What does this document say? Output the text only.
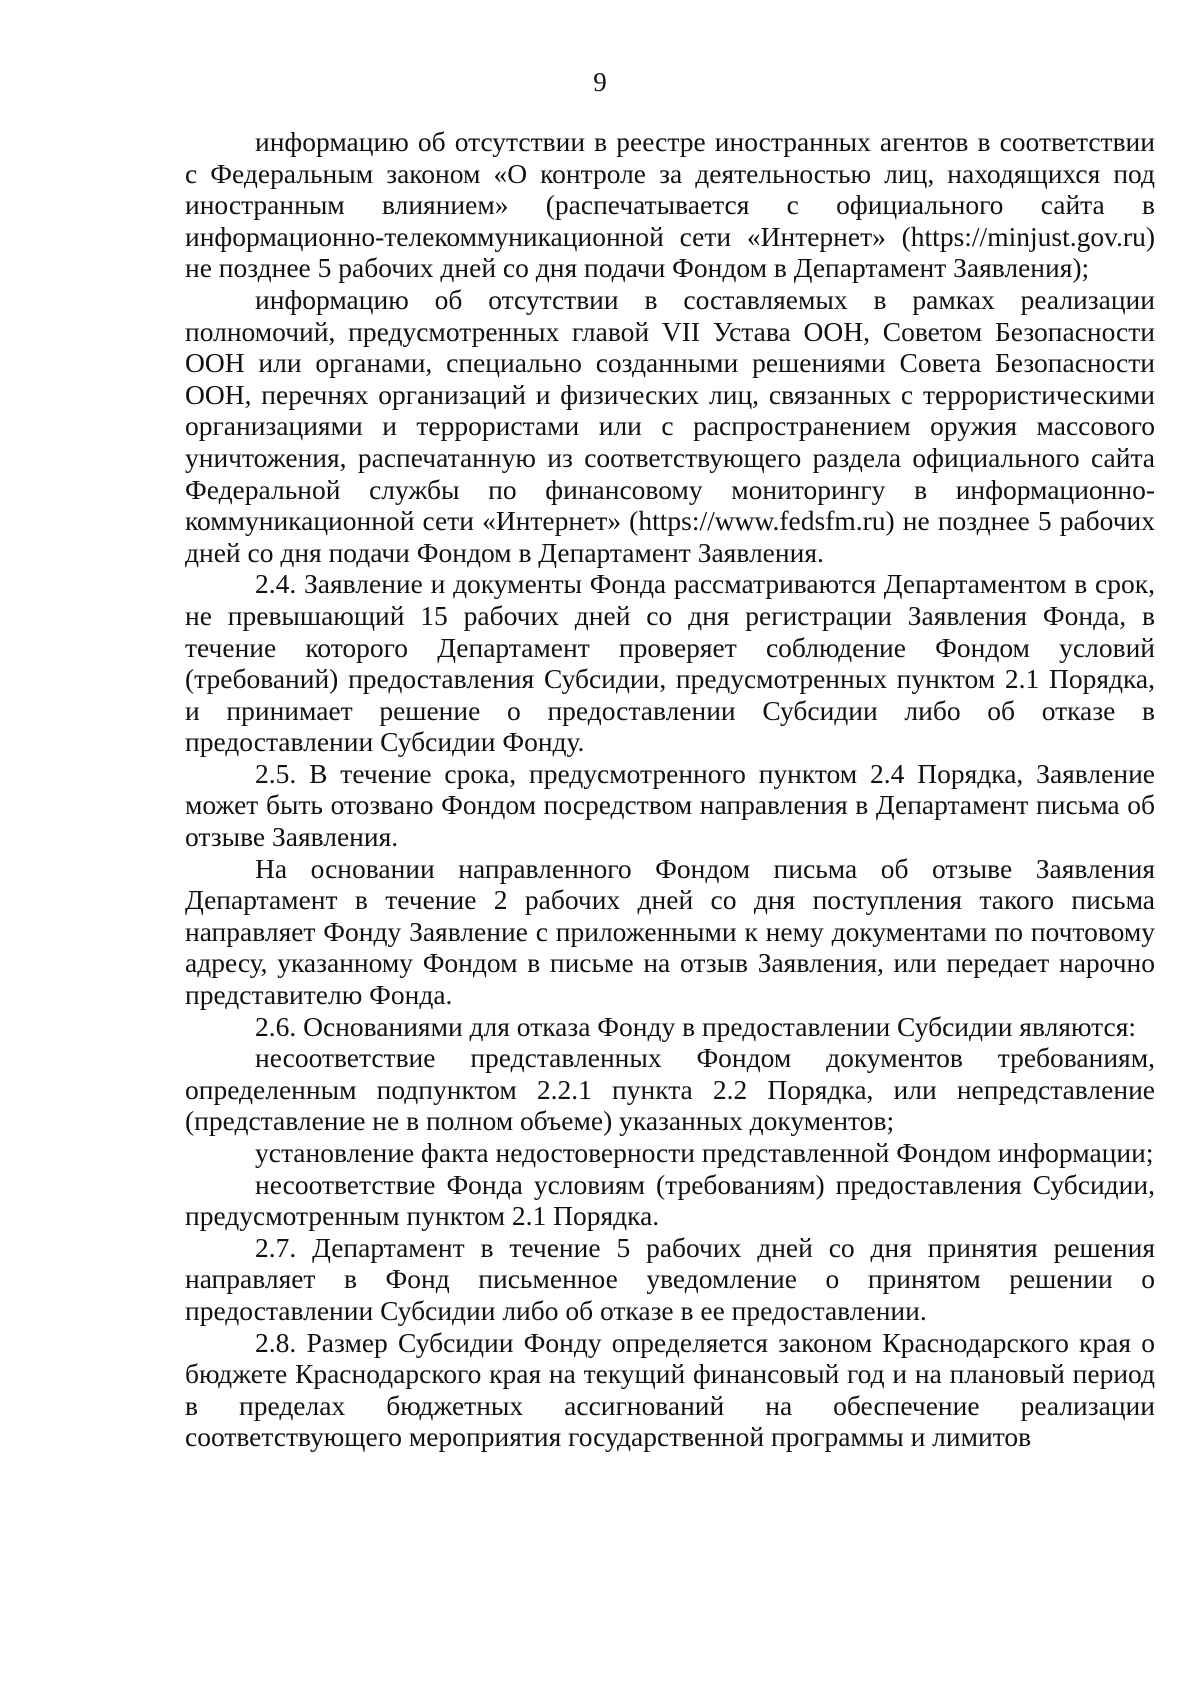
9

информацию об отсутствии в реестре иностранных агентов в соответствии с Федеральным законом «О контроле за деятельностью лиц, находящихся под иностранным влиянием» (распечатывается с официального сайта в информационно-телекоммуникационной сети «Интернет» (https://minjust.gov.ru) не позднее 5 рабочих дней со дня подачи Фондом в Департамент Заявления);

информацию об отсутствии в составляемых в рамках реализации полномочий, предусмотренных главой VII Устава ООН, Советом Безопасности ООН или органами, специально созданными решениями Совета Безопасности ООН, перечнях организаций и физических лиц, связанных с террористическими организациями и террористами или с распространением оружия массового уничтожения, распечатанную из соответствующего раздела официального сайта Федеральной службы по финансовому мониторингу в информационно-коммуникационной сети «Интернет» (https://www.fedsfm.ru) не позднее 5 рабочих дней со дня подачи Фондом в Департамент Заявления.

2.4. Заявление и документы Фонда рассматриваются Департаментом в срок, не превышающий 15 рабочих дней со дня регистрации Заявления Фонда, в течение которого Департамент проверяет соблюдение Фондом условий (требований) предоставления Субсидии, предусмотренных пунктом 2.1 Порядка, и принимает решение о предоставлении Субсидии либо об отказе в предоставлении Субсидии Фонду.

2.5. В течение срока, предусмотренного пунктом 2.4 Порядка, Заявление может быть отозвано Фондом посредством направления в Департамент письма об отзыве Заявления.

На основании направленного Фондом письма об отзыве Заявления Департамент в течение 2 рабочих дней со дня поступления такого письма направляет Фонду Заявление с приложенными к нему документами по почтовому адресу, указанному Фондом в письме на отзыв Заявления, или передает нарочно представителю Фонда.

2.6. Основаниями для отказа Фонду в предоставлении Субсидии являются:

несоответствие представленных Фондом документов требованиям, определенным подпунктом 2.2.1 пункта 2.2 Порядка, или непредставление (представление не в полном объеме) указанных документов;

установление факта недостоверности представленной Фондом информации;

несоответствие Фонда условиям (требованиям) предоставления Субсидии, предусмотренным пунктом 2.1 Порядка.

2.7. Департамент в течение 5 рабочих дней со дня принятия решения направляет в Фонд письменное уведомление о принятом решении о предоставлении Субсидии либо об отказе в ее предоставлении.

2.8. Размер Субсидии Фонду определяется законом Краснодарского края о бюджете Краснодарского края на текущий финансовый год и на плановый период в пределах бюджетных ассигнований на обеспечение реализации соответствующего мероприятия государственной программы и лимитов
